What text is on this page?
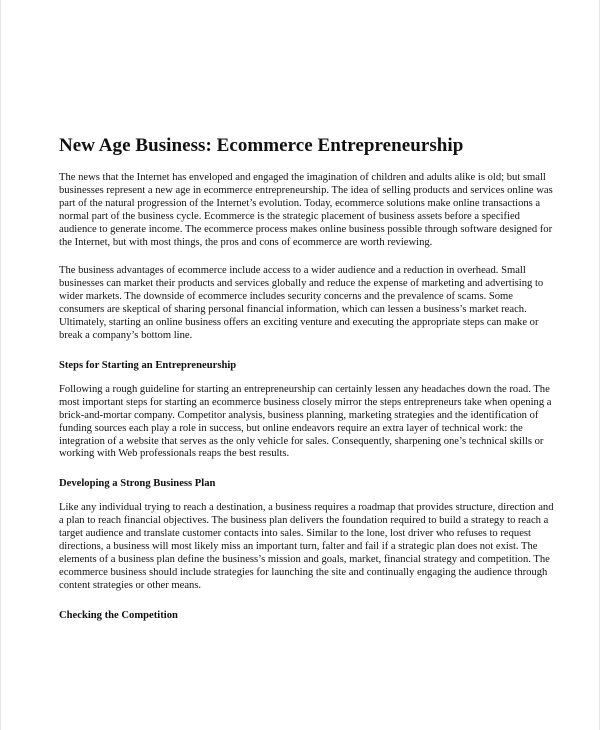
New Age Business: Ecommerce Entrepreneurship

The news that the Internet has enveloped and engaged the imagination of children and adults alike is old; but small businesses represent a new age in ecommerce entrepreneurship. The idea of selling products and services online was part of the natural progression of the Internet’s evolution. Today, ecommerce solutions make online transactions a normal part of the business cycle. Ecommerce is the strategic placement of business assets before a specified audience to generate income. The ecommerce process makes online business possible through software designed for the Internet, but with most things, the pros and cons of ecommerce are worth reviewing.

The business advantages of ecommerce include access to a wider audience and a reduction in overhead. Small businesses can market their products and services globally and reduce the expense of marketing and advertising to wider markets. The downside of ecommerce includes security concerns and the prevalence of scams. Some consumers are skeptical of sharing personal financial information, which can lessen a business’s market reach. Ultimately, starting an online business offers an exciting venture and executing the appropriate steps can make or break a company’s bottom line.

Steps for Starting an Entrepreneurship

Following a rough guideline for starting an entrepreneurship can certainly lessen any headaches down the road. The most important steps for starting an ecommerce business closely mirror the steps entrepreneurs take when opening a brick-and-mortar company. Competitor analysis, business planning, marketing strategies and the identification of funding sources each play a role in success, but online endeavors require an extra layer of technical work: the integration of a website that serves as the only vehicle for sales. Consequently, sharpening one’s technical skills or working with Web professionals reaps the best results.

Developing a Strong Business Plan

Like any individual trying to reach a destination, a business requires a roadmap that provides structure, direction and a plan to reach financial objectives. The business plan delivers the foundation required to build a strategy to reach a target audience and translate customer contacts into sales. Similar to the lone, lost driver who refuses to request directions, a business will most likely miss an important turn, falter and fail if a strategic plan does not exist. The elements of a business plan define the business’s mission and goals, market, financial strategy and competition. The ecommerce business should include strategies for launching the site and continually engaging the audience through content strategies or other means.

Checking the Competition
